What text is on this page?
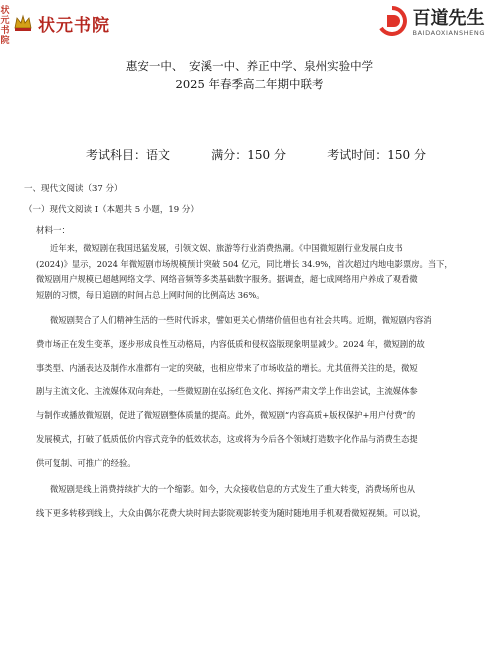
状
元
书
院
状元书院	百道先生
BAIDAOXIANSHENG
惠安一中、　安溪一中、养正中学、泉州实验中学
2025 年春季高二年期中联考
考试科目：语文	满分：150 分	考试时间：150 分
一、现代文阅读（37 分）
（一）现代文阅读 Ⅰ（本题共 5 小题，19 分）
材料一：
近年来，微短剧在我国迅猛发展，引领文娱、旅游等行业消费热潮。《中国微短剧行业发展白皮书
(2024)》显示，2024 年微短剧市场规模预计突破 504 亿元，同比增长 34.9%，首次超过内地电影票房。当下，
微短剧用户规模已超越网络文学、网络音频等多类基础数字服务。据调查，超七成网络用户养成了观看微
短剧的习惯，每日追剧的时间占总上网时间的比例高达 36%。
微短剧契合了人们精神生活的一些时代诉求，譬如更关心情绪价值但也有社会共鸣。近期，微短剧内容消
费市场正在发生变革，逐步形成良性互动格局，内容低质和侵权盗版现象明显减少。2024 年，微短剧的故
事类型、内涵表达及制作水准都有一定的突破，也相应带来了市场收益的增长。尤其值得关注的是，微短
剧与主流文化、主流媒体双向奔赴，一些微短剧在弘扬红色文化、挥扬严肃文学上作出尝试，主流媒体参
与制作或播放微短剧，促进了微短剧整体质量的提高。此外，微短剧“内容高质+版权保护+用户付费”的
发展模式，打破了低质低价内容式竞争的低效状态，这或将为今后各个领域打造数字化作品与消费生态提
供可复制、可推广的经验。
微短剧是线上消费持续扩大的一个缩影。如今，大众接收信息的方式发生了重大转变，消费场所也从
线下更多转移到线上，大众由偶尔花费大块时间去影院观影转变为随时随地用手机观看微短视频。可以说，
